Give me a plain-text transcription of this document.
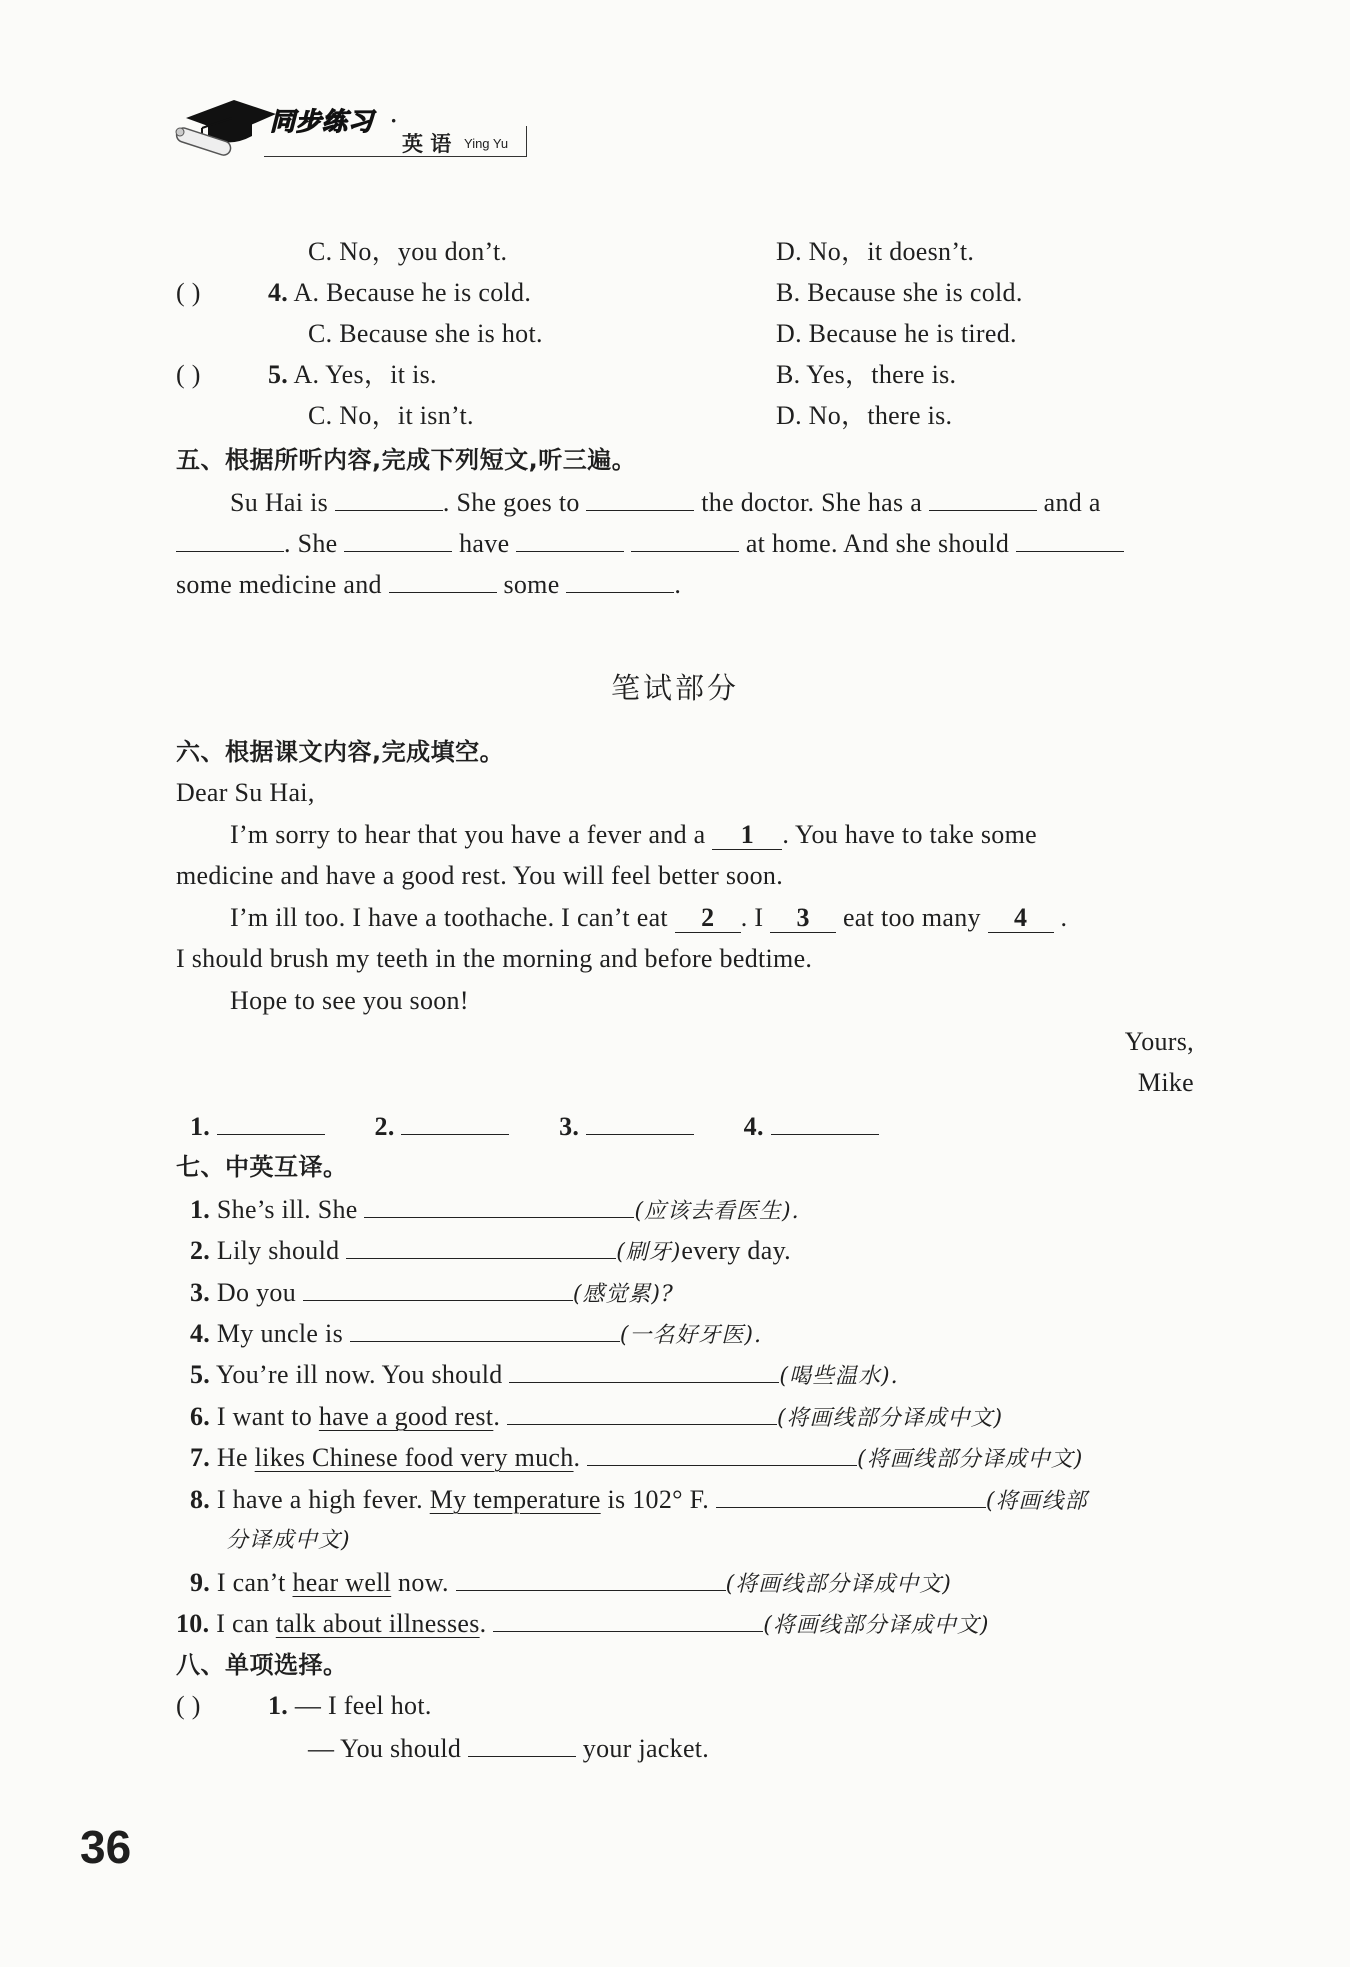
同步练习 ·
英 语 Ying Yu
C. No，you don’t.	D. No，it doesn’t.
( )	4. A. Because he is cold.	B. Because she is cold.
C. Because she is hot.	D. Because he is tired.
( )	5. A. Yes，it is.	B. Yes，there is.
C. No，it isn’t.	D. No，there is.
五、根据所听内容,完成下列短文,听三遍。
Su Hai is	. She goes to	the doctor. She has a	and a
. She	have	at home. And she should
some medicine and	some	.
笔试部分
六、根据课文内容,完成填空。
Dear Su Hai,
I’m sorry to hear that you have a fever and a 1 . You have to take some
medicine and have a good rest. You will feel better soon.
I’m ill too. I have a toothache. I can’t eat 2 . I 3 eat too many 4 .
I should brush my teeth in the morning and before bedtime.
Hope to see you soon!
Yours,
Mike
1.	2.	3.	4.
七、中英互译。
1. She’s ill. She	(应该去看医生).
2. Lily should	(刷牙)every day.
3. Do you	(感觉累)?
4. My uncle is	(一名好牙医).
5. You’re ill now. You should	(喝些温水).
6. I want to have a good rest.	(将画线部分译成中文)
7. He likes Chinese food very much.	(将画线部分译成中文)
8. I have a high fever. My temperature is 102° F.	(将画线部
分译成中文)
9. I can’t hear well now.	(将画线部分译成中文)
10. I can talk about illnesses.	(将画线部分译成中文)
八、单项选择。
( )	1. — I feel hot.
— You should	your jacket.
36
